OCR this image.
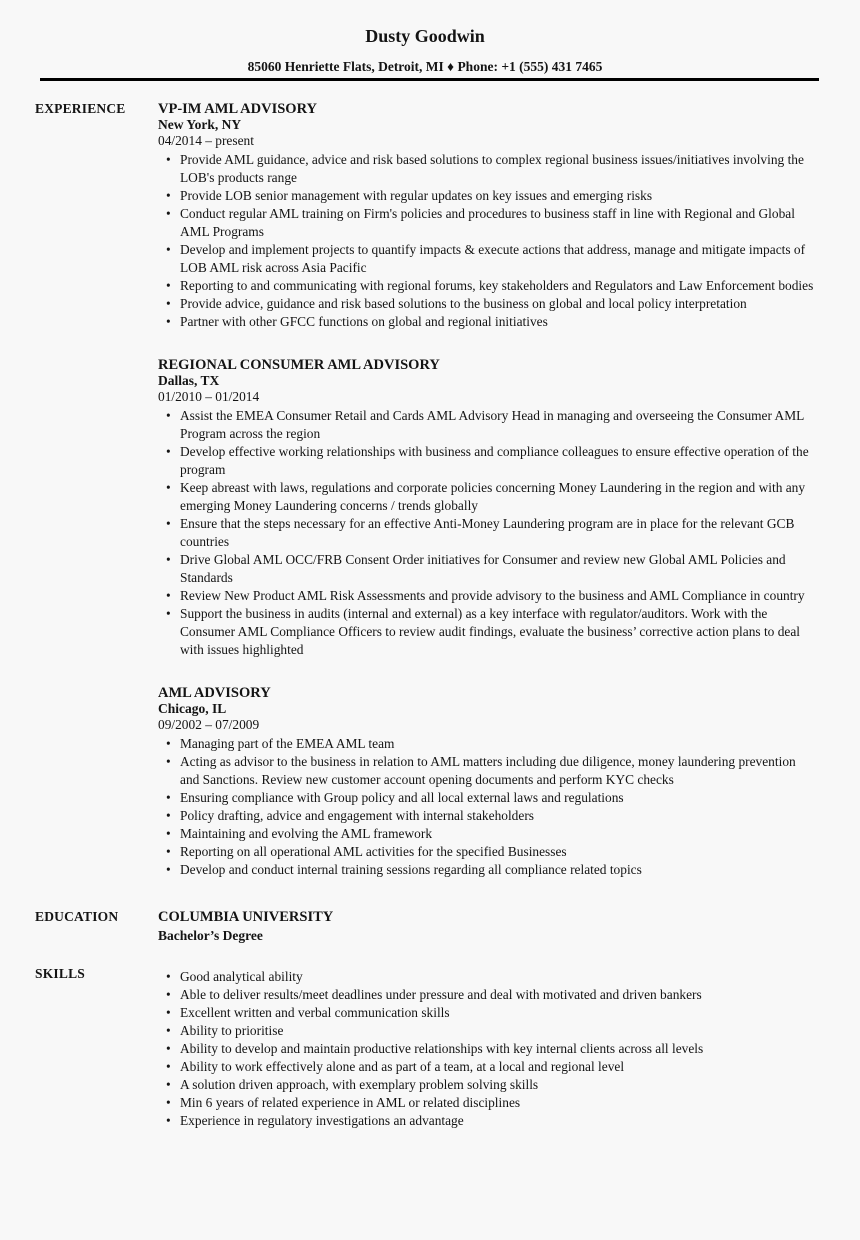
Dusty Goodwin
85060 Henriette Flats, Detroit, MI ♦ Phone: +1 (555) 431 7465
EXPERIENCE	VP-IM AML ADVISORY
New York, NY
04/2014 – present
• Provide AML guidance, advice and risk based solutions to complex regional business issues/initiatives involving the LOB's products range
• Provide LOB senior management with regular updates on key issues and emerging risks
• Conduct regular AML training on Firm's policies and procedures to business staff in line with Regional and Global AML Programs
• Develop and implement projects to quantify impacts & execute actions that address, manage and mitigate impacts of LOB AML risk across Asia Pacific
• Reporting to and communicating with regional forums, key stakeholders and Regulators and Law Enforcement bodies
• Provide advice, guidance and risk based solutions to the business on global and local policy interpretation
• Partner with other GFCC functions on global and regional initiatives
REGIONAL CONSUMER AML ADVISORY
Dallas, TX
01/2010 – 01/2014
• Assist the EMEA Consumer Retail and Cards AML Advisory Head in managing and overseeing the Consumer AML Program across the region
• Develop effective working relationships with business and compliance colleagues to ensure effective operation of the program
• Keep abreast with laws, regulations and corporate policies concerning Money Laundering in the region and with any emerging Money Laundering concerns / trends globally
• Ensure that the steps necessary for an effective Anti-Money Laundering program are in place for the relevant GCB countries
• Drive Global AML OCC/FRB Consent Order initiatives for Consumer and review new Global AML Policies and Standards
• Review New Product AML Risk Assessments and provide advisory to the business and AML Compliance in country
• Support the business in audits (internal and external) as a key interface with regulator/auditors. Work with the Consumer AML Compliance Officers to review audit findings, evaluate the business’ corrective action plans to deal with issues highlighted
AML ADVISORY
Chicago, IL
09/2002 – 07/2009
• Managing part of the EMEA AML team
• Acting as advisor to the business in relation to AML matters including due diligence, money laundering prevention and Sanctions. Review new customer account opening documents and perform KYC checks
• Ensuring compliance with Group policy and all local external laws and regulations
• Policy drafting, advice and engagement with internal stakeholders
• Maintaining and evolving the AML framework
• Reporting on all operational AML activities for the specified Businesses
• Develop and conduct internal training sessions regarding all compliance related topics
EDUCATION	COLUMBIA UNIVERSITY
Bachelor’s Degree
SKILLS	• Good analytical ability
• Able to deliver results/meet deadlines under pressure and deal with motivated and driven bankers
• Excellent written and verbal communication skills
• Ability to prioritise
• Ability to develop and maintain productive relationships with key internal clients across all levels
• Ability to work effectively alone and as part of a team, at a local and regional level
• A solution driven approach, with exemplary problem solving skills
• Min 6 years of related experience in AML or related disciplines
• Experience in regulatory investigations an advantage
